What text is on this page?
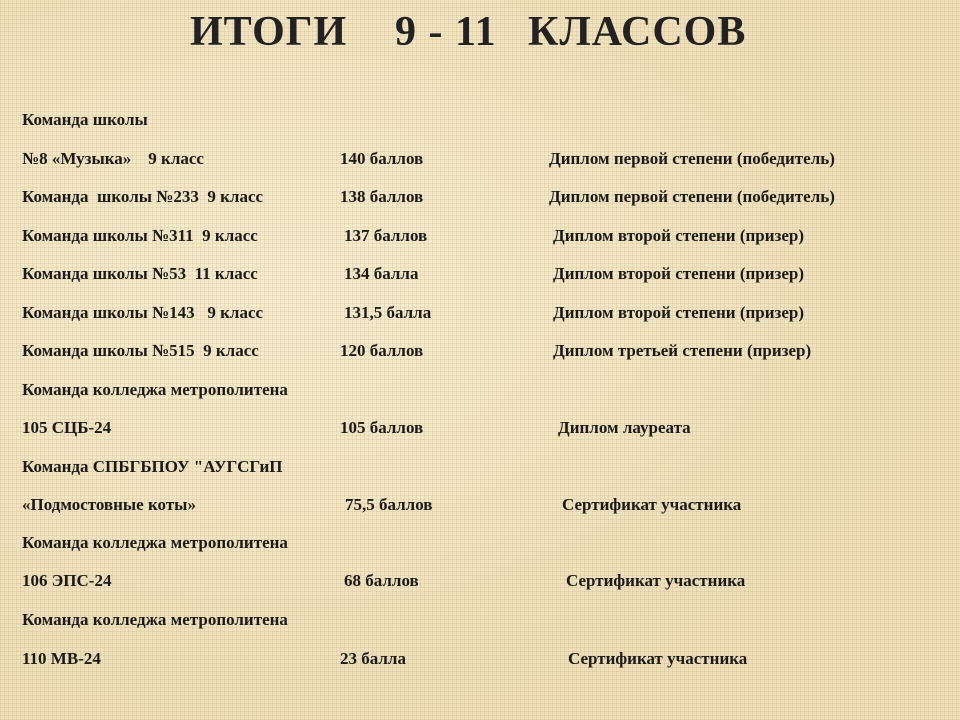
ИТОГИ 9 - 11 КЛАССОВ
Команда школы
№8 «Музыка»    9 класс	140 баллов	Диплом первой степени (победитель)
Команда  школы №233  9 класс	138 баллов	Диплом первой степени (победитель)
Команда школы №311  9 класс	137 баллов	Диплом второй степени (призер)
Команда школы №53  11 класс	134 балла	Диплом второй степени (призер)
Команда школы №143   9 класс	131,5 балла	Диплом второй степени (призер)
Команда школы №515  9 класс	120 баллов	Диплом третьей степени (призер)
Команда колледжа метрополитена
105 СЦБ-24	105 баллов	Диплом лауреата
Команда СПБГБПОУ "АУГСГиП
«Подмостовные коты»	75,5 баллов	Сертификат участника
Команда колледжа метрополитена
106 ЭПС-24	68 баллов	Сертификат участника
Команда колледжа метрополитена
110 МВ-24	23 балла	Сертификат участника
